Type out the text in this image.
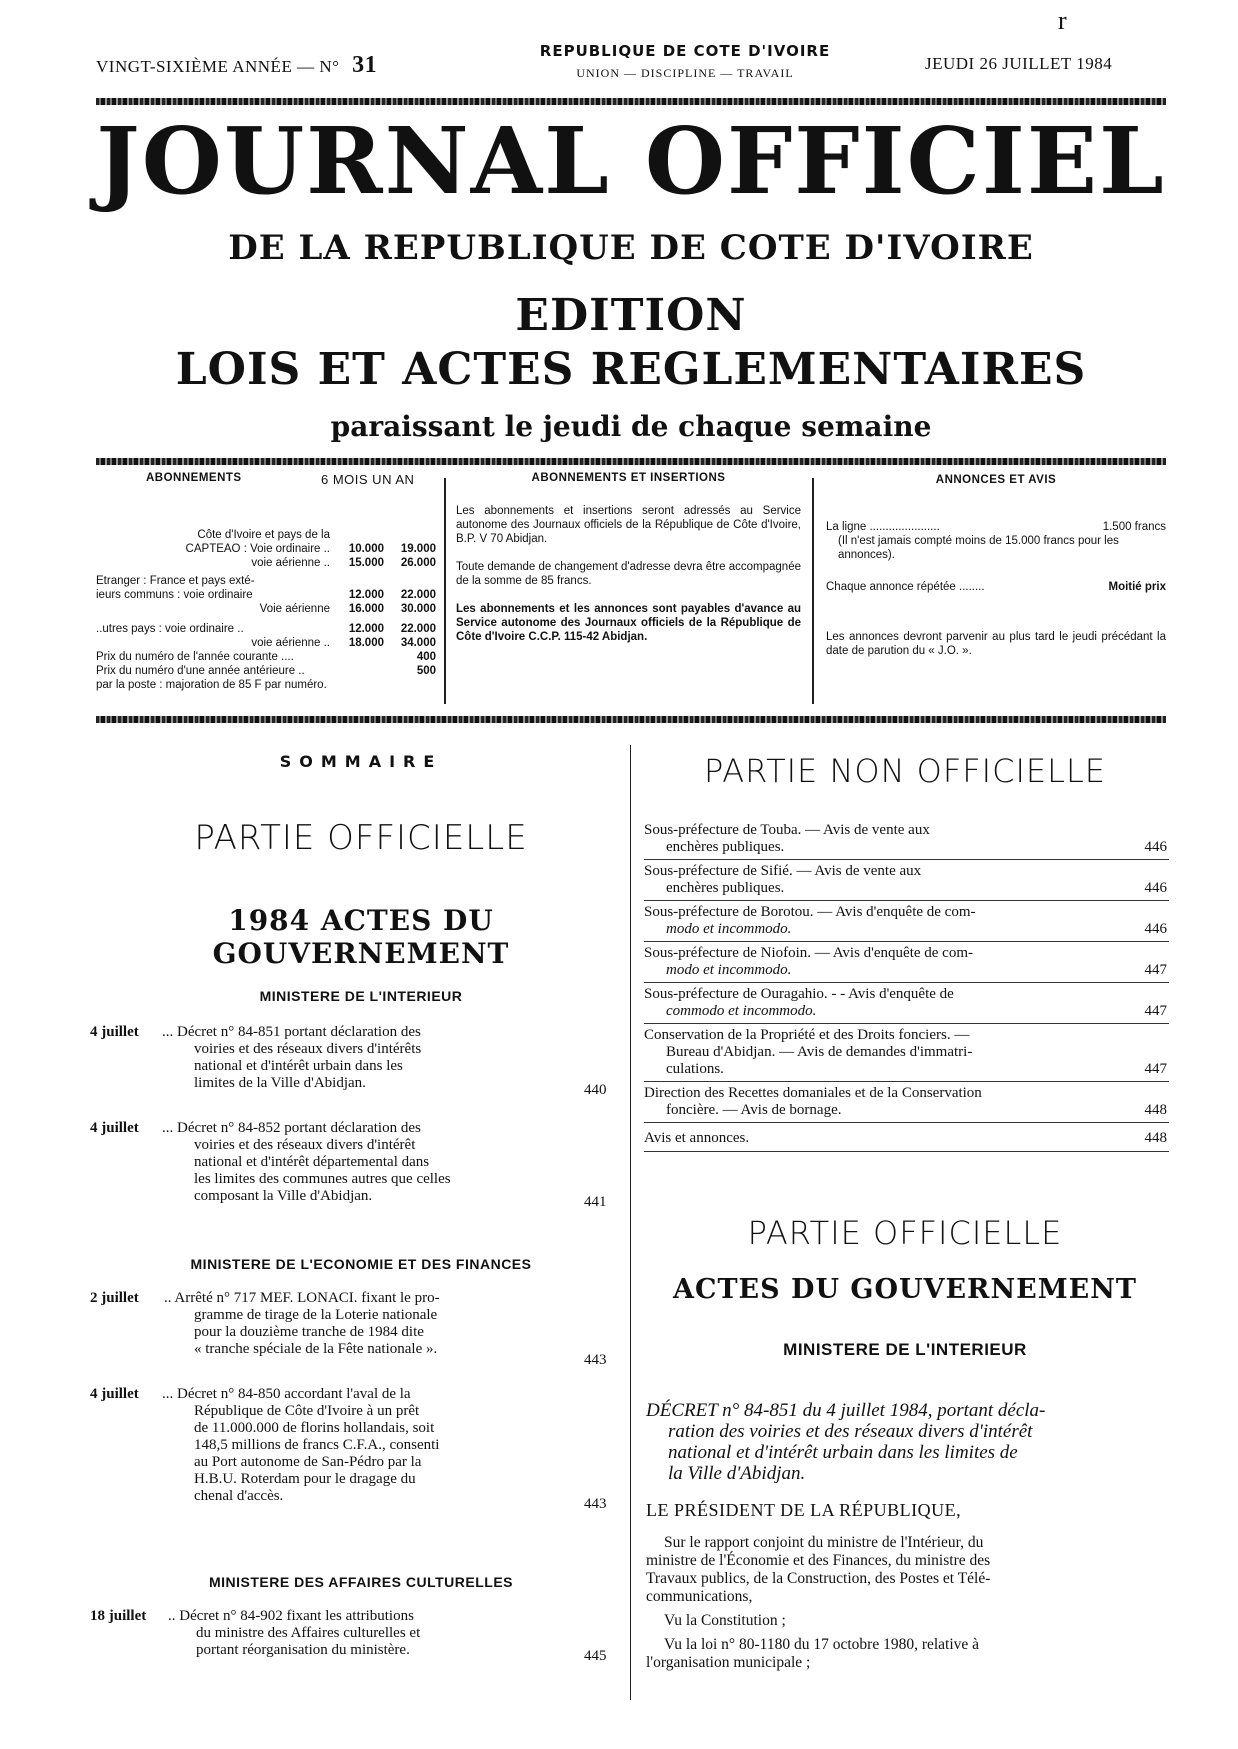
VINGT-SIXIÈME ANNÉE — N° 31
REPUBLIQUE DE COTE D'IVOIRE
UNION — DISCIPLINE — TRAVAIL	JEUDI 26 JUILLET 1984
r
JOURNAL OFFICIEL
DE LA REPUBLIQUE DE COTE D'IVOIRE
EDITION
LOIS ET ACTES REGLEMENTAIRES
paraissant le jeudi de chaque semaine
ABONNEMENTS	6 MOIS UN AN
Côte d'Ivoire et pays de la
CAPTEAO : Voie ordinaire ..	10.000	19.000
voie aérienne ..	15.000	26.000
Etranger : France et pays exté-
ieurs communs : voie ordinaire	12.000	22.000
Voie aérienne	16.000	30.000
..utres pays : voie ordinaire ..	12.000	22.000
voie aérienne ..	18.000	34.000
Prix du numéro de l'année courante ....	400
Prix du numéro d'une année antérieure ..	500
par la poste : majoration de 85 F par numéro.
ABONNEMENTS ET INSERTIONS
Les abonnements et insertions seront adressés au Service autonome des Journaux officiels de la République de Côte d'Ivoire, B.P. V 70 Abidjan.
Toute demande de changement d'adresse devra être accompagnée de la somme de 85 francs.
Les abonnements et les annonces sont payables d'avance au Service autonome des Journaux officiels de la République de Côte d'Ivoire C.C.P. 115-42 Abidjan.
ANNONCES ET AVIS
La ligne ......................	1.500 francs
(Il n'est jamais compté moins de 15.000 francs pour les annonces).
Chaque annonce répétée ........	Moitié prix
Les annonces devront parvenir au plus tard le jeudi précédant la date de parution du « J.O. ».
SOMMAIRE
PARTIE OFFICIELLE
1984 ACTES DU GOUVERNEMENT
MINISTERE DE L'INTERIEUR
4 juillet ... Décret n° 84-851 portant déclaration des
voiries et des réseaux divers d'intérêts
national et d'intérêt urbain dans les
limites de la Ville d'Abidjan.	440
4 juillet ... Décret n° 84-852 portant déclaration des
voiries et des réseaux divers d'intérêt
national et d'intérêt départemental dans
les limites des communes autres que celles
composant la Ville d'Abidjan.	441
MINISTERE DE L'ECONOMIE ET DES FINANCES
2 juillet .. Arrêté n° 717 MEF. LONACI. fixant le pro-
gramme de tirage de la Loterie nationale
pour la douzième tranche de 1984 dite
« tranche spéciale de la Fête nationale ».
443
4 juillet ... Décret n° 84-850 accordant l'aval de la
République de Côte d'Ivoire à un prêt
de 11.000.000 de florins hollandais, soit
148,5 millions de francs C.F.A., consenti
au Port autonome de San-Pédro par la
H.B.U. Roterdam pour le dragage du
chenal d'accès.	443
MINISTERE DES AFFAIRES CULTURELLES
18 juillet .. Décret n° 84-902 fixant les attributions
du ministre des Affaires culturelles et
portant réorganisation du ministère.	445
PARTIE NON OFFICIELLE
Sous-préfecture de Touba. — Avis de vente aux
enchères publiques.	446
Sous-préfecture de Sifié. — Avis de vente aux
enchères publiques.	446
Sous-préfecture de Borotou. — Avis d'enquête de com-
modo et incommodo.	446
Sous-préfecture de Niofoin. — Avis d'enquête de com-
modo et incommodo.	447
Sous-préfecture de Ouragahio. - - Avis d'enquête de
commodo et incommodo.	447
Conservation de la Propriété et des Droits fonciers. —
Bureau d'Abidjan. — Avis de demandes d'immatri-
culations.	447
Direction des Recettes domaniales et de la Conservation
foncière. — Avis de bornage.	448
Avis et annonces.	448
PARTIE OFFICIELLE
ACTES DU GOUVERNEMENT
MINISTERE DE L'INTERIEUR
DÉCRET n° 84-851 du 4 juillet 1984, portant décla-
ration des voiries et des réseaux divers d'intérêt
national et d'intérêt urbain dans les limites de
la Ville d'Abidjan.
LE PRÉSIDENT DE LA RÉPUBLIQUE,
Sur le rapport conjoint du ministre de l'Intérieur, du
ministre de l'Économie et des Finances, du ministre des
Travaux publics, de la Construction, des Postes et Télé-
communications,
Vu la Constitution ;
Vu la loi n° 80-1180 du 17 octobre 1980, relative à
l'organisation municipale ;
